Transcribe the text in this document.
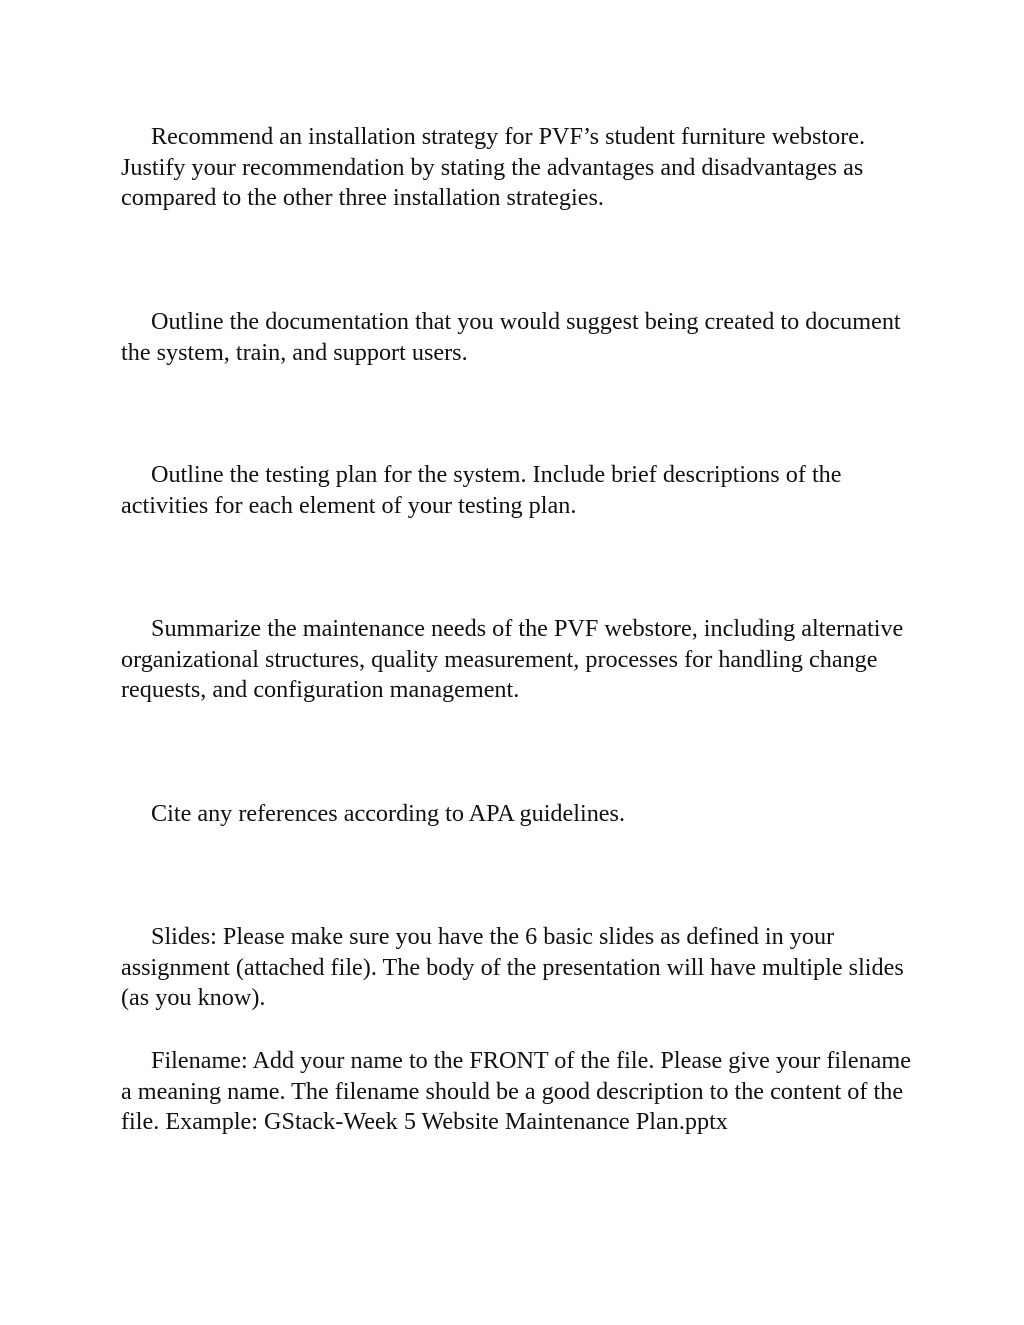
Recommend an installation strategy for PVF’s student furniture webstore. Justify your recommendation by stating the advantages and disadvantages as compared to the other three installation strategies.

Outline the documentation that you would suggest being created to document the system, train, and support users.

Outline the testing plan for the system. Include brief descriptions of the activities for each element of your testing plan.

Summarize the maintenance needs of the PVF webstore, including alternative organizational structures, quality measurement, processes for handling change requests, and configuration management.

Cite any references according to APA guidelines.

Slides: Please make sure you have the 6 basic slides as defined in your assignment (attached file). The body of the presentation will have multiple slides (as you know).

Filename: Add your name to the FRONT of the file. Please give your filename a meaning name. The filename should be a good description to the content of the file. Example: GStack-Week 5 Website Maintenance Plan.pptx
